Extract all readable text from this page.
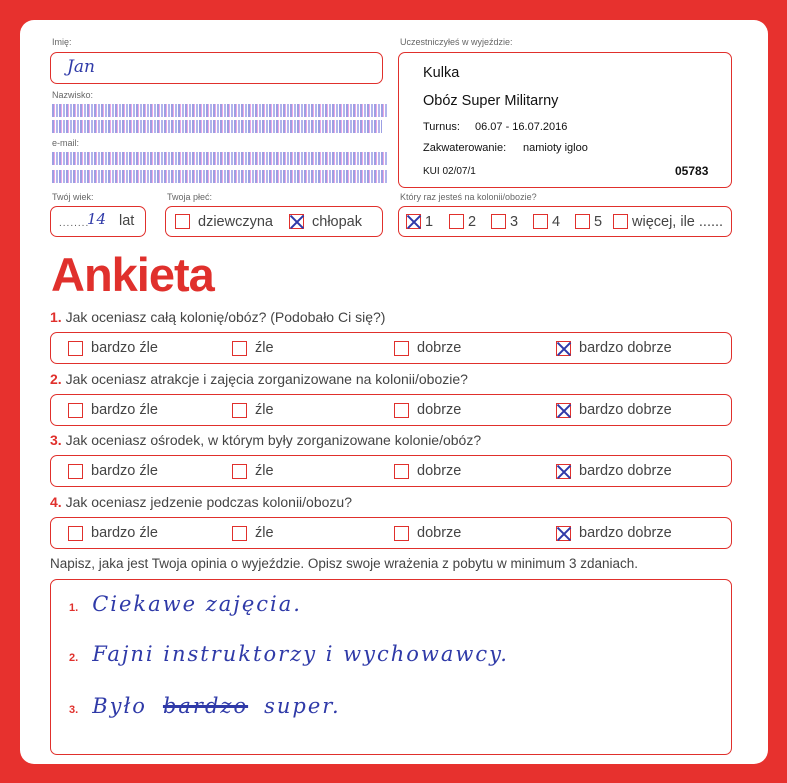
Imię:
Jan
Nazwisko:
e-mail:
Twój wiek:
........
14 lat
Twoja płeć:
dziewczyna	chłopak
Uczestniczyłeś w wyjeździe:
Kulka
Obóz Super Militarny
Turnus: 06.07 - 16.07.2016
Zakwaterowanie: namioty igloo
KUI 02/07/1	05783
Który raz jesteś na kolonii/obozie?
1 2 3 4 5 więcej, ile ......
Ankieta
1. Jak oceniasz całą kolonię/obóz? (Podobało Ci się?)
bardzo źle	źle	dobrze	bardzo dobrze
2. Jak oceniasz atrakcje i zajęcia zorganizowane na kolonii/obozie?
bardzo źle	źle	dobrze	bardzo dobrze
3. Jak oceniasz ośrodek, w którym były zorganizowane kolonie/obóz?
bardzo źle	źle	dobrze	bardzo dobrze
4. Jak oceniasz jedzenie podczas kolonii/obozu?
bardzo źle	źle	dobrze	bardzo dobrze
Napisz, jaka jest Twoja opinia o wyjeździe. Opisz swoje wrażenia z pobytu w minimum 3 zdaniach.
1. Ciekawe zajęcia.
2. Fajni instruktorzy i wychowawcy.
3. Było bardzo super.
